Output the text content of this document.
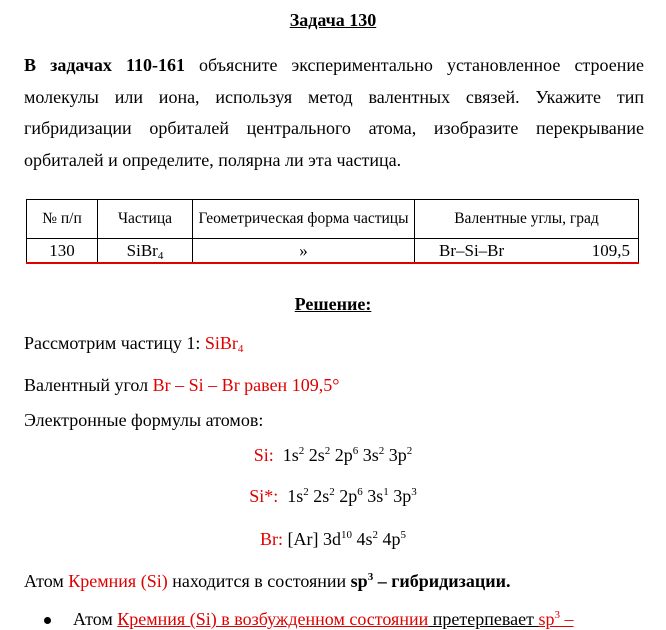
Задача 130
В задачах 110-161 объясните экспериментально установленное строение молекулы или иона, используя метод валентных связей. Укажите тип гибридизации орбиталей центрального атома, изобразите перекрывание орбиталей и определите, полярна ли эта частица.
№ п/п	Частица	Геометрическая форма частицы	Валентные углы, град
130	SiBr$_4$	»	Br–Si–Br 109,5
Решение:
Рассмотрим частицу 1: SiBr$_4$
Валентный угол Br – Si – Br равен 109,5°
Электронные формулы атомов:
Si: $1s^2$ $2s^2$ $2p^6$ $3s^2$ $3p^2$
Si*: $1s^2$ $2s^2$ $2p^6$ $3s^1$ $3p^3$
Br: [Ar] $3d^{10}$ $4s^2$ $4p^5$
Атом Кремния (Si) находится в состоянии $sp^3$ – гибридизации.
Атом Кремния (Si) в возбужденном состоянии претерпевает $sp^3$ –
